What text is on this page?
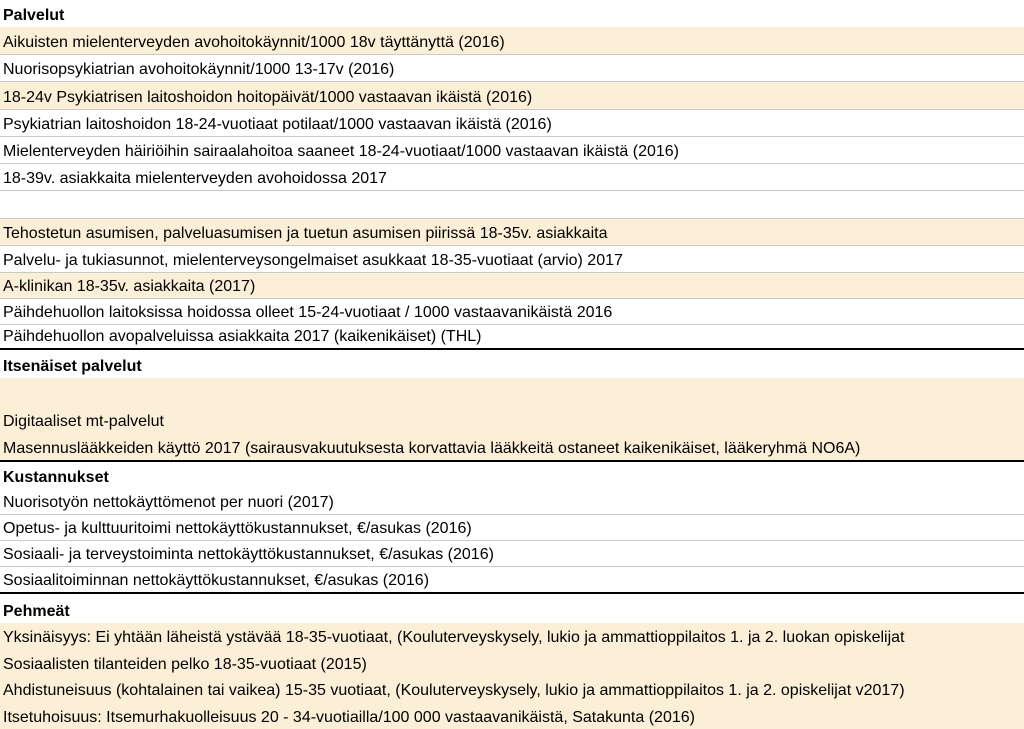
Palvelut
Aikuisten mielenterveyden avohoitokäynnit/1000 18v täyttänyttä (2016)
Nuorisopsykiatrian avohoitokäynnit/1000 13-17v (2016)
18-24v Psykiatrisen laitoshoidon hoitopäivät/1000 vastaavan ikäistä (2016)
Psykiatrian laitoshoidon 18-24-vuotiaat potilaat/1000 vastaavan ikäistä (2016)
Mielenterveyden häiriöihin sairaalahoitoa saaneet 18-24-vuotiaat/1000 vastaavan ikäistä (2016)
18-39v. asiakkaita mielenterveyden avohoidossa 2017
Tehostetun asumisen, palveluasumisen ja tuetun asumisen piirissä 18-35v. asiakkaita
Palvelu- ja tukiasunnot, mielenterveysongelmaiset asukkaat 18-35-vuotiaat (arvio) 2017
A-klinikan 18-35v. asiakkaita (2017)
Päihdehuollon laitoksissa hoidossa olleet 15-24-vuotiaat / 1000 vastaavanikäistä 2016
Päihdehuollon avopalveluissa asiakkaita 2017 (kaikenikäiset) (THL)
Itsenäiset palvelut
Digitaaliset mt-palvelut
Masennuslääkkeiden käyttö 2017 (sairausvakuutuksesta korvattavia lääkkeitä ostaneet kaikenikäiset, lääkeryhmä NO6A)
Kustannukset
Nuorisotyön nettokäyttömenot per nuori (2017)
Opetus- ja kulttuuritoimi nettokäyttökustannukset, €/asukas (2016)
Sosiaali- ja terveystoiminta nettokäyttökustannukset, €/asukas (2016)
Sosiaalitoiminnan nettokäyttökustannukset, €/asukas (2016)
Pehmeät
Yksinäisyys: Ei yhtään läheistä ystävää 18-35-vuotiaat, (Kouluterveyskysely, lukio ja ammattioppilaitos 1. ja 2. luokan opiskelijat
Sosiaalisten tilanteiden pelko 18-35-vuotiaat (2015)
Ahdistuneisuus (kohtalainen tai vaikea) 15-35 vuotiaat, (Kouluterveyskysely, lukio ja ammattioppilaitos 1. ja 2. opiskelijat v2017)
Itsetuhoisuus: Itsemurhakuolleisuus 20 - 34-vuotiailla/100 000 vastaavanikäistä, Satakunta (2016)
